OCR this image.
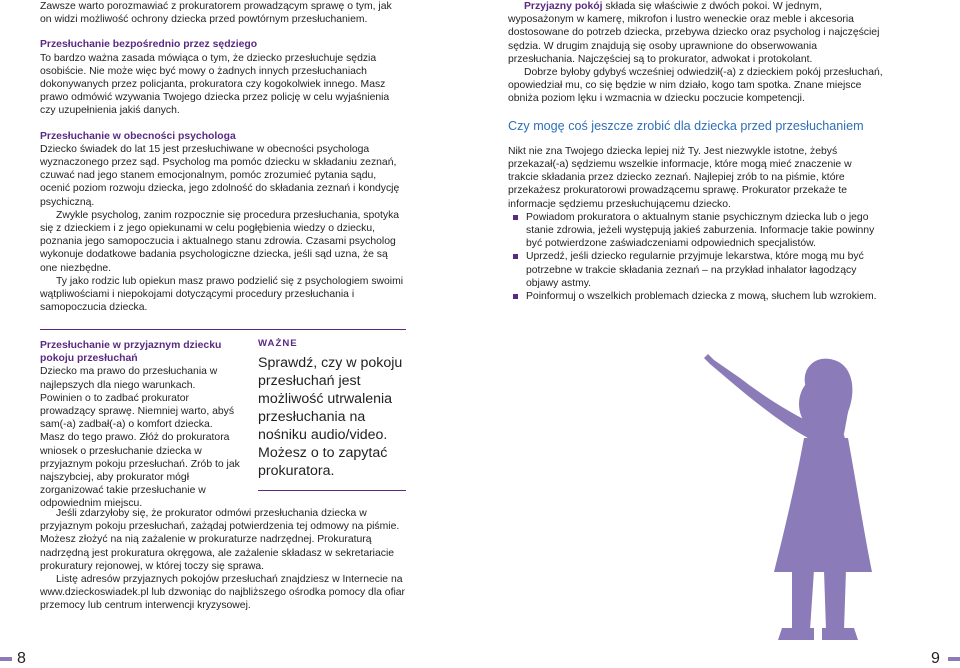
Zawsze warto porozmawiać z prokuratorem prowadzącym sprawę o tym, jak on widzi możliwość ochrony dziecka przed powtórnym przesłuchaniem.

Przesłuchanie bezpośrednio przez sędziego

To bardzo ważna zasada mówiąca o tym, że dziecko przesłuchuje sędzia osobiście. Nie może więc być mowy o żadnych innych przesłuchaniach dokonywanych przez policjanta, prokuratora czy kogokolwiek innego. Masz prawo odmówić wzywania Twojego dziecka przez policję w celu wyjaśnienia czy uzupełnienia jakiś danych.

Przesłuchanie w obecności psychologa

Dziecko świadek do lat 15 jest przesłuchiwane w obecności psychologa wyznaczonego przez sąd. Psycholog ma pomóc dziecku w składaniu zeznań, czuwać nad jego stanem emocjonalnym, pomóc zrozumieć pytania sądu, ocenić poziom rozwoju dziecka, jego zdolność do składania zeznań i kondycję psychiczną.

Zwykle psycholog, zanim rozpocznie się procedura przesłuchania, spotyka się z dzieckiem i z jego opiekunami w celu pogłębienia wiedzy o dziecku, poznania jego samopoczucia i aktualnego stanu zdrowia. Czasami psycholog wykonuje dodatkowe badania psychologiczne dziecka, jeśli sąd uzna, że są one niezbędne.

Ty jako rodzic lub opiekun masz prawo podzielić się z psychologiem swoimi wątpliwościami i niepokojami dotyczącymi procedury przesłuchania i samopoczucia dziecka.

Przesłuchanie w przyjaznym dziecku pokoju przesłuchań

Dziecko ma prawo do przesłuchania w najlepszych dla niego warunkach. Powinien o to zadbać prokurator prowadzący sprawę. Niemniej warto, abyś sam(-a) zadbał(-a) o komfort dziecka. Masz do tego prawo. Złóż do prokuratora wniosek o przesłuchanie dziecka w przyjaznym pokoju przesłuchań. Zrób to jak najszybciej, aby prokurator mógł zorganizować takie przesłuchanie w odpowiednim miejscu.

WAŻNE
Sprawdź, czy w pokoju przesłuchań jest możliwość utrwalenia przesłuchania na nośniku audio/video. Możesz o to zapytać prokuratora.

Jeśli zdarzyłoby się, że prokurator odmówi przesłuchania dziecka w przyjaznym pokoju przesłuchań, zażądaj potwierdzenia tej odmowy na piśmie. Możesz złożyć na nią zażalenie w prokuraturze nadrzędnej. Prokuraturą nadrzędną jest prokuratura okręgowa, ale zażalenie składasz w sekretariacie prokuratury rejonowej, w której toczy się sprawa.

Listę adresów przyjaznych pokojów przesłuchań znajdziesz w Internecie na www.dzieckoswiadek.pl lub dzwoniąc do najbliższego ośrodka pomocy dla ofiar przemocy lub centrum interwencji kryzysowej.

Przyjazny pokój składa się właściwie z dwóch pokoi. W jednym, wyposażonym w kamerę, mikrofon i lustro weneckie oraz meble i akcesoria dostosowane do potrzeb dziecka, przebywa dziecko oraz psycholog i najczęściej sędzia. W drugim znajdują się osoby uprawnione do obserwowania przesłuchania. Najczęściej są to prokurator, adwokat i protokolant.

Dobrze byłoby gdybyś wcześniej odwiedził(-a) z dzieckiem pokój przesłuchań, opowiedział mu, co się będzie w nim działo, kogo tam spotka. Znane miejsce obniża poziom lęku i wzmacnia w dziecku poczucie kompetencji.

Czy mogę coś jeszcze zrobić dla dziecka przed przesłuchaniem

Nikt nie zna Twojego dziecka lepiej niż Ty. Jest niezwykle istotne, żebyś przekazał(-a) sędziemu wszelkie informacje, które mogą mieć znaczenie w trakcie składania przez dziecko zeznań. Najlepiej zrób to na piśmie, które przekażesz prokuratorowi prowadzącemu sprawę. Prokurator przekaże te informacje sędziemu przesłuchującemu dziecko.

Powiadom prokuratora o aktualnym stanie psychicznym dziecka lub o jego stanie zdrowia, jeżeli występują jakieś zaburzenia. Informacje takie powinny być potwierdzone zaświadczeniami odpowiednich specjalistów.
Uprzedź, jeśli dziecko regularnie przyjmuje lekarstwa, które mogą mu być potrzebne w trakcie składania zeznań – na przykład inhalator łagodzący objawy astmy.
Poinformuj o wszelkich problemach dziecka z mową, słuchem lub wzrokiem.
8	9
